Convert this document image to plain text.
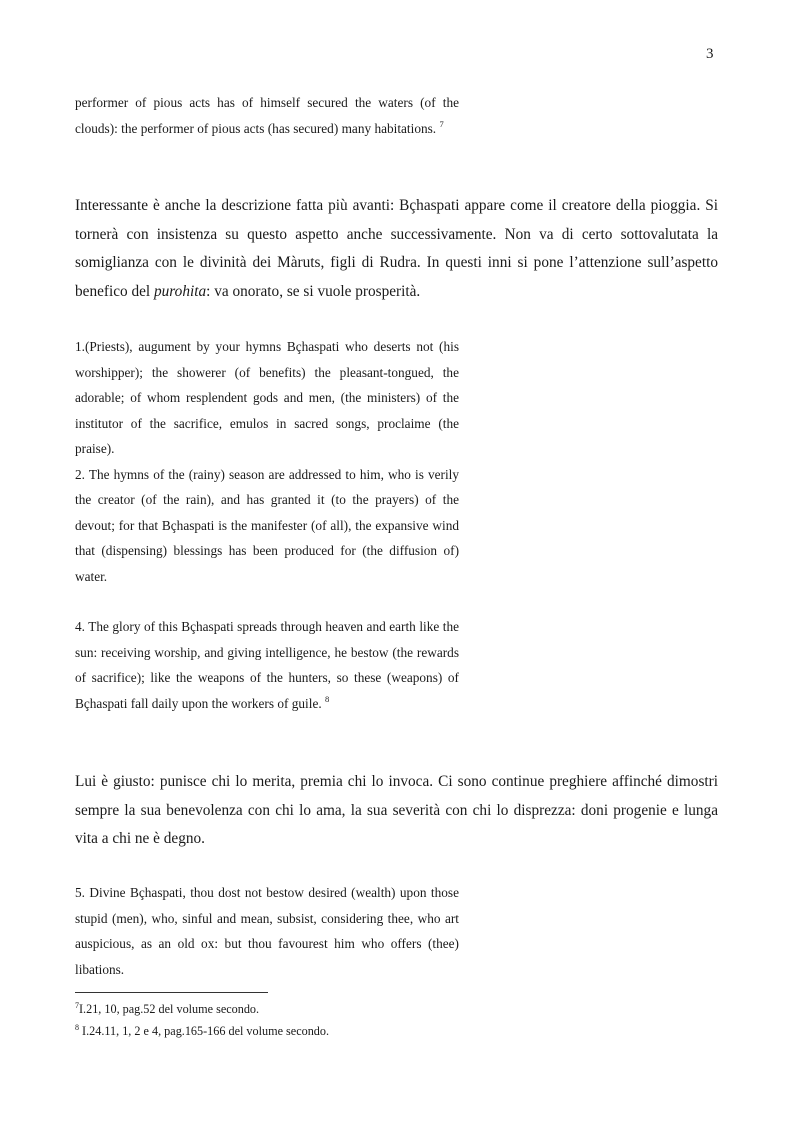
3

performer of pious acts has of himself secured the waters (of the clouds): the performer of pious acts (has secured) many habitations. $^7$

Interessante è anche la descrizione fatta più avanti: Bçhaspati appare come il creatore della pioggia. Si tornerà con insistenza su questo aspetto anche successivamente. Non va di certo sottovalutata la somiglianza con le divinità dei Màruts, figli di Rudra. In questi inni si pone l’attenzione sull’aspetto benefico del purohita: va onorato, se si vuole prosperità.

1.(Priests), augument by your hymns Bçhaspati who deserts not (his worshipper); the showerer (of benefits) the pleasant-tongued, the adorable; of whom resplendent gods and men, (the ministers) of the institutor of the sacrifice, emulos in sacred songs, proclaime (the praise).

2. The hymns of the (rainy) season are addressed to him, who is verily the creator (of the rain), and has granted it (to the prayers) of the devout; for that Bçhaspati is the manifester (of all), the expansive wind that (dispensing) blessings has been produced for (the diffusion of) water.

4. The glory of this Bçhaspati spreads through heaven and earth like the sun: receiving worship, and giving intelligence, he bestow (the rewards of sacrifice); like the weapons of the hunters, so these (weapons) of Bçhaspati fall daily upon the workers of guile. $^8$

Lui è giusto: punisce chi lo merita, premia chi lo invoca. Ci sono continue preghiere affinché dimostri sempre la sua benevolenza con chi lo ama, la sua severità con chi lo disprezza: doni progenie e lunga vita a chi ne è degno.

5. Divine Bçhaspati, thou dost not bestow desired (wealth) upon those stupid (men), who, sinful and mean, subsist, considering thee, who art auspicious, as an old ox: but thou favourest him who offers (thee) libations.

$^7$I.21, 10, pag.52 del volume secondo.

$^8$ I.24.11, 1, 2 e 4, pag.165-166 del volume secondo.
